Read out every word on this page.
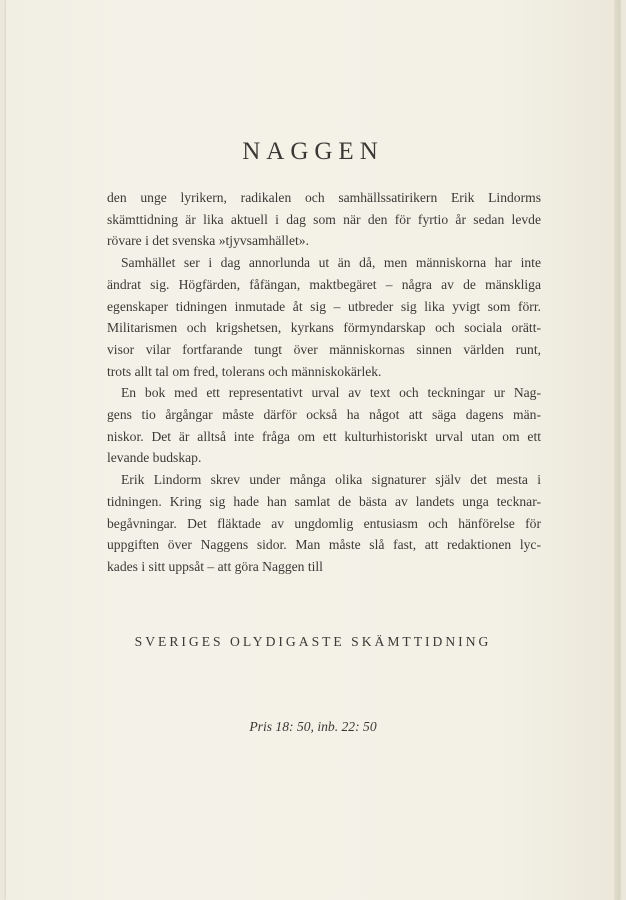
NAGGEN
den unge lyrikern, radikalen och samhällssatirikern Erik Lindorms
skämttidning är lika aktuell i dag som när den för fyrtio år sedan levde
rövare i det svenska »tjyvsamhället».
Samhället ser i dag annorlunda ut än då, men människorna har inte
ändrat sig. Högfärden, fåfängan, maktbegäret – några av de mänskliga
egenskaper tidningen inmutade åt sig – utbreder sig lika yvigt som förr.
Militarismen och krigshetsen, kyrkans förmyndarskap och sociala orätt-
visor vilar fortfarande tungt över människornas sinnen världen runt,
trots allt tal om fred, tolerans och människokärlek.
En bok med ett representativt urval av text och teckningar ur Nag-
gens tio årgångar måste därför också ha något att säga dagens män-
niskor. Det är alltså inte fråga om ett kulturhistoriskt urval utan om ett
levande budskap.
Erik Lindorm skrev under många olika signaturer själv det mesta i
tidningen. Kring sig hade han samlat de bästa av landets unga tecknar-
begåvningar. Det fläktade av ungdomlig entusiasm och hänförelse för
uppgiften över Naggens sidor. Man måste slå fast, att redaktionen lyc-
kades i sitt uppsåt – att göra Naggen till
SVERIGES OLYDIGASTE SKÄMTTIDNING
Pris 18: 50, inb. 22: 50
